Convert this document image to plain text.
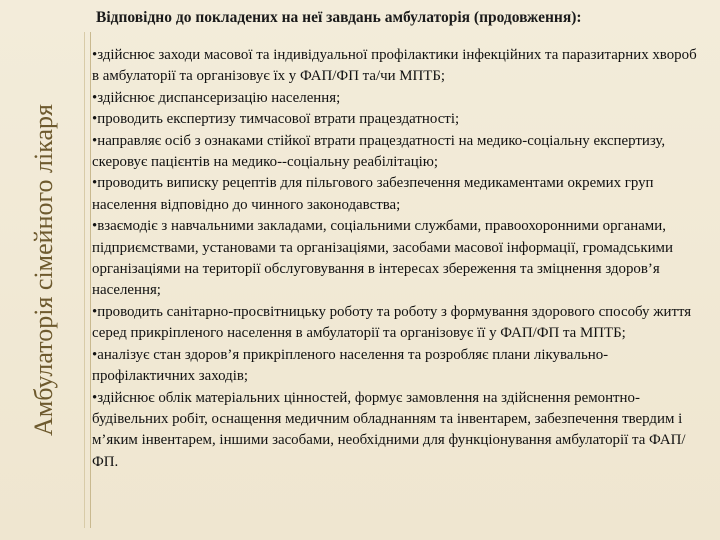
Відповідно до покладених на неї завдань амбулаторія (продовження):
Амбулаторія сімейного лікаря
•здійснює заходи масової та індивідуальної профілактики інфекційних та паразитарних хвороб в амбулаторії та організовує їх у ФАП/ФП та/чи МПТБ;
•здійснює диспансеризацію населення;
•проводить експертизу тимчасової втрати працездатності;
•направляє осіб з ознаками стійкої втрати працездатності на медико-соціальну експертизу, скеровує пацієнтів на медико--соціальну реабілітацію;
•проводить виписку рецептів для пільгового забезпечення медикаментами окремих груп населення відповідно до чинного законодавства;
•взаємодіє з навчальними закладами, соціальними службами, правоохоронними органами, підприємствами, установами та організаціями, засобами масової інформації, громадськими організаціями на території обслуговування в інтересах збереження та зміцнення здоров’я населення;
•проводить санітарно-просвітницьку роботу та роботу з формування здорового способу життя серед прикріпленого населення в амбулаторії та організовує її у ФАП/ФП та МПТБ;
•аналізує стан здоров’я прикріпленого населення та розробляє плани лікувально-профілактичних заходів;
•здійснює облік матеріальних цінностей, формує замовлення на здійснення ремонтно-будівельних робіт, оснащення медичним обладнанням та інвентарем, забезпечення твердим і м’яким інвентарем, іншими засобами, необхідними для функціонування амбулаторії та ФАП/ФП.
